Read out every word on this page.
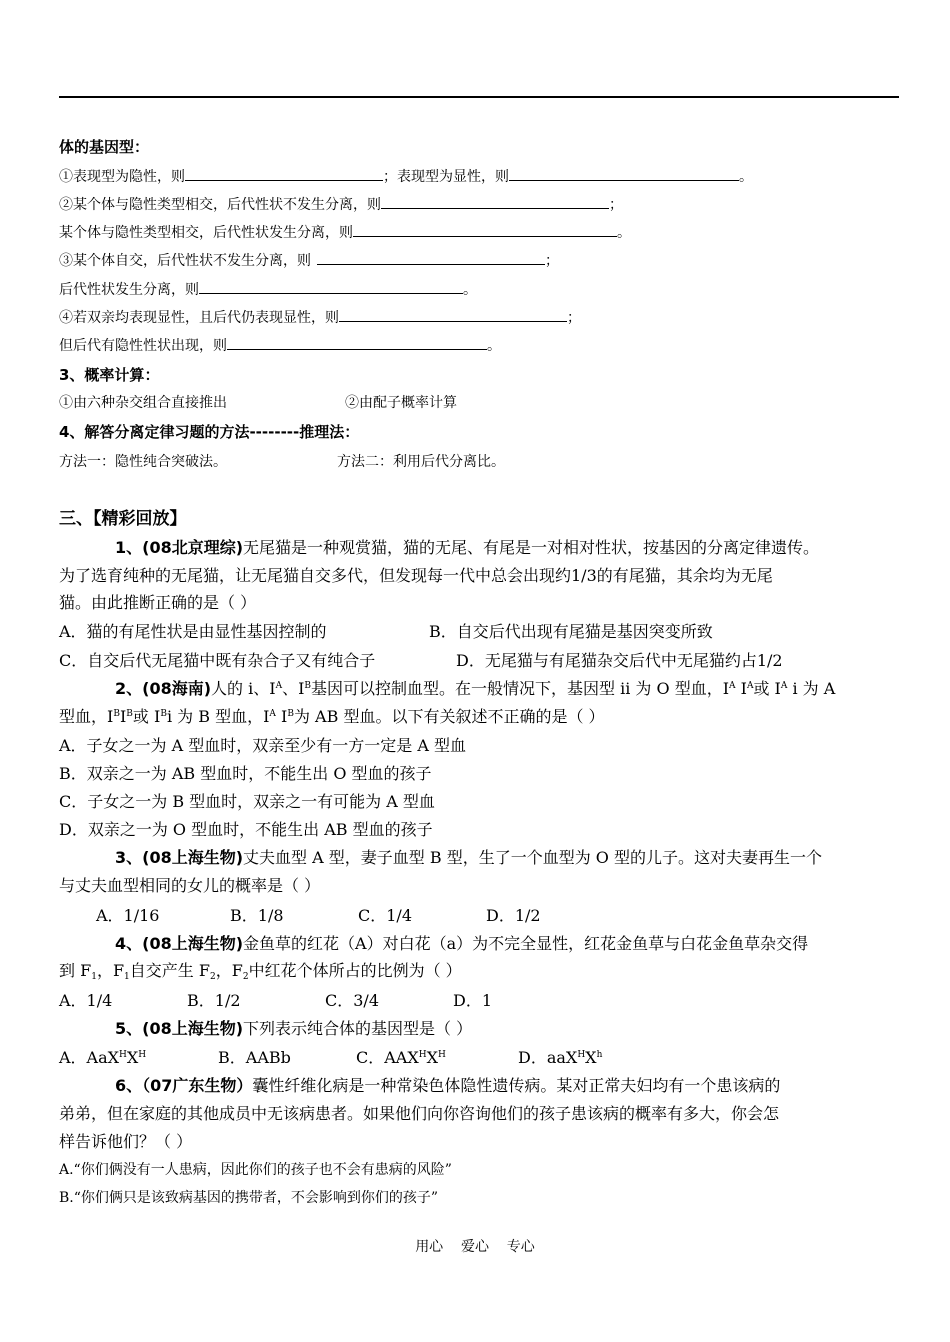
体的基因型：
①表现型为隐性，则	；表现型为显性，则	。
②某个体与隐性类型相交，后代性状不发生分离，则	；
某个体与隐性类型相交，后代性状发生分离，则	。
③某个体自交，后代性状不发生分离，则	；
后代性状发生分离，则	。
④若双亲均表现显性，且后代仍表现显性，则	；
但后代有隐性性状出现，则	。
3、概率计算：
①由六种杂交组合直接推出	②由配子概率计算
4、解答分离定律习题的方法--------推理法：
方法一：隐性纯合突破法。	方法二：利用后代分离比。
三、【精彩回放】
1、(08北京理综)无尾猫是一种观赏猫，猫的无尾、有尾是一对相对性状，按基因的分离定律遗传。
为了选育纯种的无尾猫，让无尾猫自交多代，但发现每一代中总会出现约1/3的有尾猫，其余均为无尾
猫。由此推断正确的是（ ）
A．猫的有尾性状是由显性基因控制的	B．自交后代出现有尾猫是基因突变所致
C．自交后代无尾猫中既有杂合子又有纯合子	D．无尾猫与有尾猫杂交后代中无尾猫约占1/2
2、(08海南)人的 i、$I^A$、$I^B$基因可以控制血型。在一般情况下，基因型 ii 为 O 型血，$I^A$ $I^A$或 $I^A$ i 为 A
型血，$I^BI^B$或 $I^Bi$ 为 B 型血，$I^A$ $I^B$为 AB 型血。以下有关叙述不正确的是（ ）
A．子女之一为 A 型血时，双亲至少有一方一定是 A 型血
B．双亲之一为 AB 型血时，不能生出 O 型血的孩子
C．子女之一为 B 型血时，双亲之一有可能为 A 型血
D．双亲之一为 O 型血时，不能生出 AB 型血的孩子
3、(08上海生物)丈夫血型 A 型，妻子血型 B 型，生了一个血型为 O 型的儿子。这对夫妻再生一个
与丈夫血型相同的女儿的概率是（ ）
A．1/16	B．1/8	C．1/4	D．1/2
4、(08上海生物)金鱼草的红花（A）对白花（a）为不完全显性，红花金鱼草与白花金鱼草杂交得
到 $F_1$，$F_1$自交产生 $F_2$，$F_2$中红花个体所占的比例为（ ）
A．1/4	B．1/2	C．3/4	D．1
5、(08上海生物)下列表示纯合体的基因型是（ ）
A．$AaX^HX^H$	B．AABb	C．$AAX^HX^H$	D．$aaX^HX^h$
6、（07广东生物）囊性纤维化病是一种常染色体隐性遗传病。某对正常夫妇均有一个患该病的
弟弟，但在家庭的其他成员中无该病患者。如果他们向你咨询他们的孩子患该病的概率有多大，你会怎
样告诉他们？（ ）
A.“你们俩没有一人患病，因此你们的孩子也不会有患病的风险”
B.“你们俩只是该致病基因的携带者，不会影响到你们的孩子”
用心    爱心    专心
